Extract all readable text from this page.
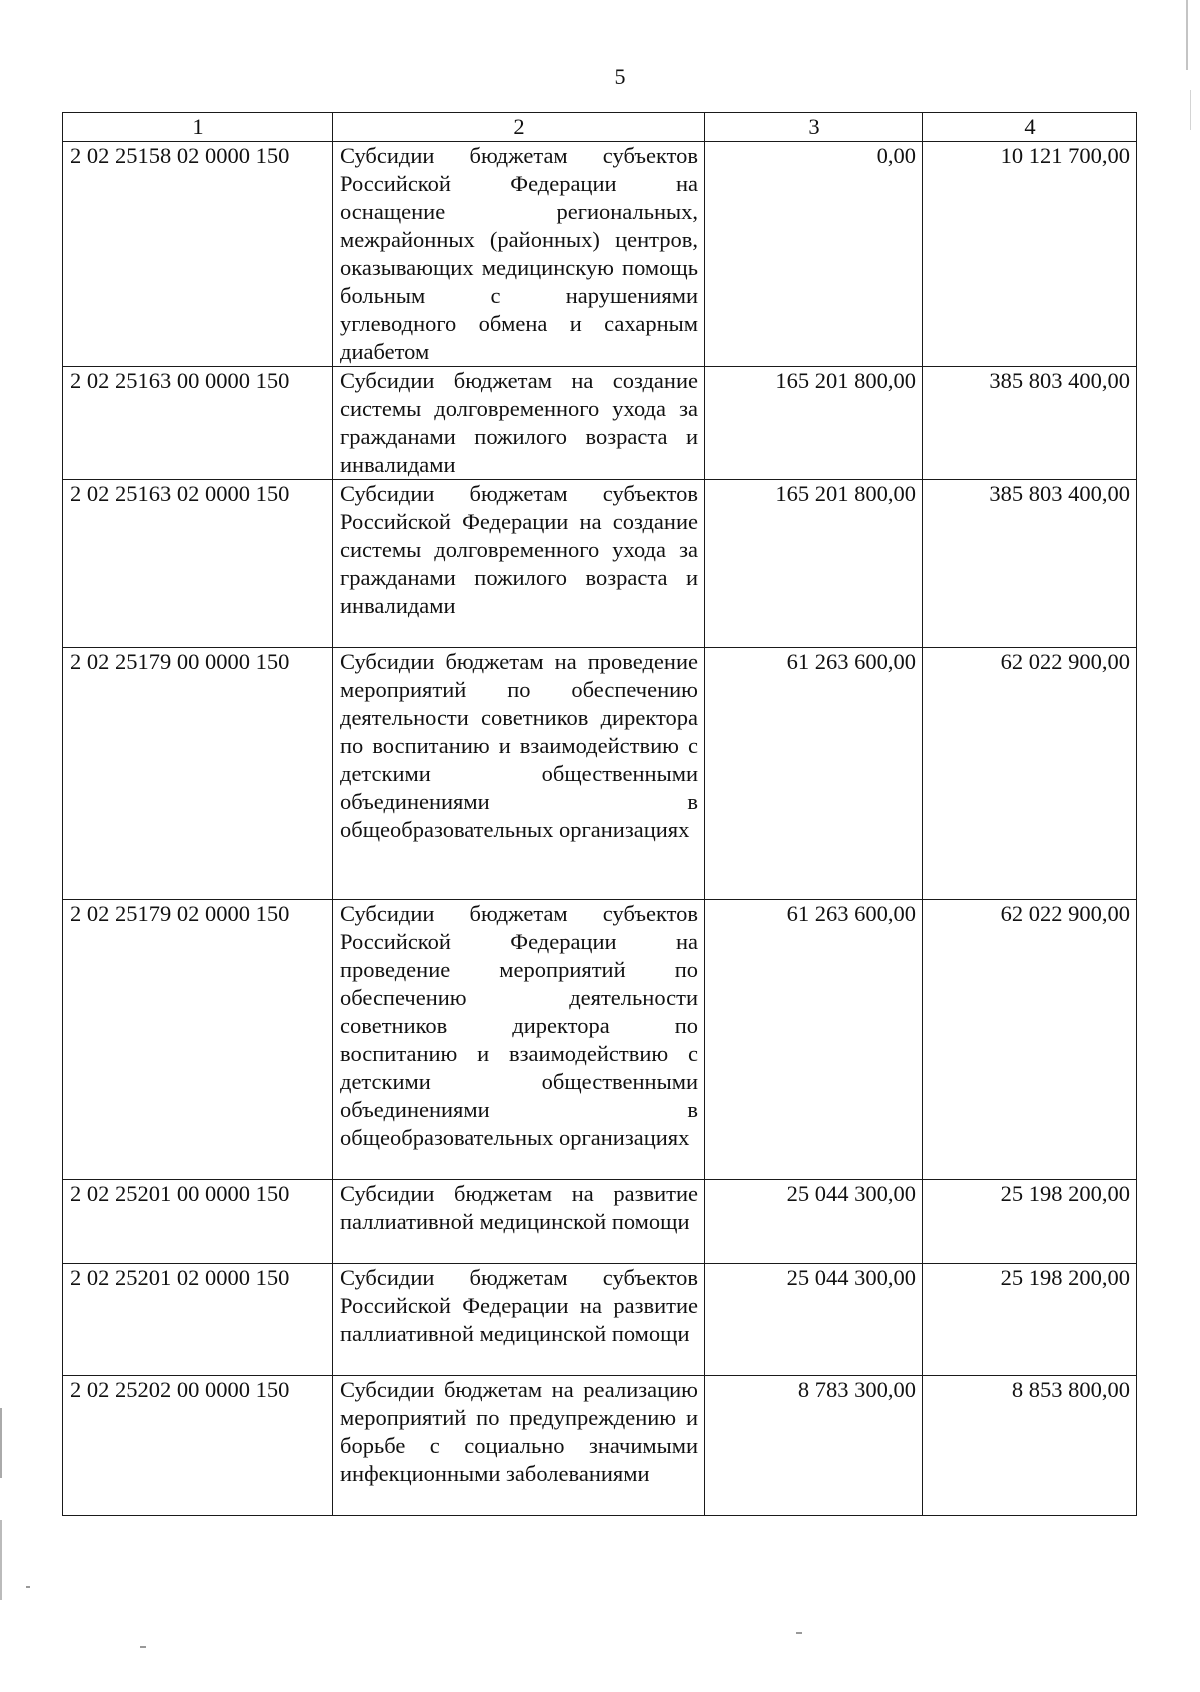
5
1	2	3	4
2 02 25158 02 0000 150	Субсидии бюджетам субъектов Российской Федерации на оснащение региональных, межрайонных (районных) центров, оказывающих медицинскую помощь больным с нарушениями углеводного обмена и сахарным диабетом	0,00	10 121 700,00
2 02 25163 00 0000 150	Субсидии бюджетам на создание системы долговременного ухода за гражданами пожилого возраста и инвалидами	165 201 800,00	385 803 400,00
2 02 25163 02 0000 150	Субсидии бюджетам субъектов Российской Федерации на создание системы долговременного ухода за гражданами пожилого возраста и инвалидами	165 201 800,00	385 803 400,00
2 02 25179 00 0000 150	Субсидии бюджетам на проведение мероприятий по обеспечению деятельности советников директора по воспитанию и взаимодействию с детскими общественными объединениями в общеобразовательных организациях	61 263 600,00	62 022 900,00
2 02 25179 02 0000 150	Субсидии бюджетам субъектов Российской Федерации на проведение мероприятий по обеспечению деятельности советников директора по воспитанию и взаимодействию с детскими общественными объединениями в общеобразовательных организациях	61 263 600,00	62 022 900,00
2 02 25201 00 0000 150	Субсидии бюджетам на развитие паллиативной медицинской помощи	25 044 300,00	25 198 200,00
2 02 25201 02 0000 150	Субсидии бюджетам субъектов Российской Федерации на развитие паллиативной медицинской помощи	25 044 300,00	25 198 200,00
2 02 25202 00 0000 150	Субсидии бюджетам на реализацию мероприятий по предупреждению и борьбе с социально значимыми инфекционными заболеваниями	8 783 300,00	8 853 800,00
